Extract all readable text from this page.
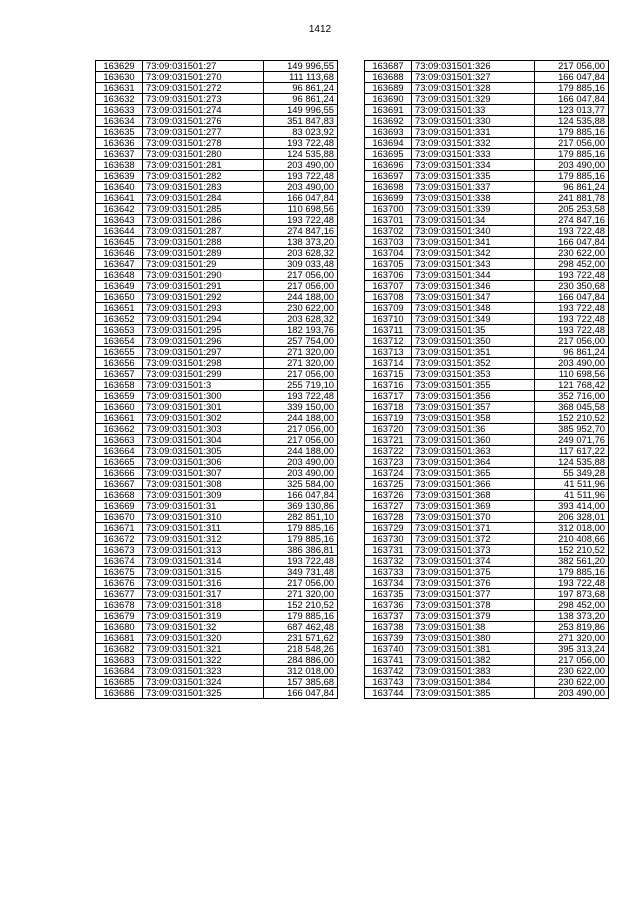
1412
163629	73:09:031501:27	149 996,55
163630	73:09:031501:270	111 113,68
163631	73:09:031501:272	96 861,24
163632	73:09:031501:273	96 861,24
163633	73:09:031501:274	149 996,55
163634	73:09:031501:276	351 847,83
163635	73:09:031501:277	83 023,92
163636	73:09:031501:278	193 722,48
163637	73:09:031501:280	124 535,88
163638	73:09:031501:281	203 490,00
163639	73:09:031501:282	193 722,48
163640	73:09:031501:283	203 490,00
163641	73:09:031501:284	166 047,84
163642	73:09:031501:285	110 698,56
163643	73:09:031501:286	193 722,48
163644	73:09:031501:287	274 847,16
163645	73:09:031501:288	138 373,20
163646	73:09:031501:289	203 628,32
163647	73:09:031501:29	309 033,48
163648	73:09:031501:290	217 056,00
163649	73:09:031501:291	217 056,00
163650	73:09:031501:292	244 188,00
163651	73:09:031501:293	230 622,00
163652	73:09:031501:294	203 628,32
163653	73:09:031501:295	182 193,76
163654	73:09:031501:296	257 754,00
163655	73:09:031501:297	271 320,00
163656	73:09:031501:298	271 320,00
163657	73:09:031501:299	217 056,00
163658	73:09:031501:3	255 719,10
163659	73:09:031501:300	193 722,48
163660	73:09:031501:301	339 150,00
163661	73:09:031501:302	244 188,00
163662	73:09:031501:303	217 056,00
163663	73:09:031501:304	217 056,00
163664	73:09:031501:305	244 188,00
163665	73:09:031501:306	203 490,00
163666	73:09:031501:307	203 490,00
163667	73:09:031501:308	325 584,00
163668	73:09:031501:309	166 047,84
163669	73:09:031501:31	369 130,86
163670	73:09:031501:310	282 851,10
163671	73:09:031501:311	179 885,16
163672	73:09:031501:312	179 885,16
163673	73:09:031501:313	386 386,81
163674	73:09:031501:314	193 722,48
163675	73:09:031501:315	349 731,48
163676	73:09:031501:316	217 056,00
163677	73:09:031501:317	271 320,00
163678	73:09:031501:318	152 210,52
163679	73:09:031501:319	179 885,16
163680	73:09:031501:32	687 462,48
163681	73:09:031501:320	231 571,62
163682	73:09:031501:321	218 548,26
163683	73:09:031501:322	284 886,00
163684	73:09:031501:323	312 018,00
163685	73:09:031501:324	157 385,68
163686	73:09:031501:325	166 047,84
163687	73:09:031501:326	217 056,00
163688	73:09:031501:327	166 047,84
163689	73:09:031501:328	179 885,16
163690	73:09:031501:329	166 047,84
163691	73:09:031501:33	123 013,77
163692	73:09:031501:330	124 535,88
163693	73:09:031501:331	179 885,16
163694	73:09:031501:332	217 056,00
163695	73:09:031501:333	179 885,16
163696	73:09:031501:334	203 490,00
163697	73:09:031501:335	179 885,16
163698	73:09:031501:337	96 861,24
163699	73:09:031501:338	241 881,78
163700	73:09:031501:339	205 253,58
163701	73:09:031501:34	274 847,16
163702	73:09:031501:340	193 722,48
163703	73:09:031501:341	166 047,84
163704	73:09:031501:342	230 622,00
163705	73:09:031501:343	298 452,00
163706	73:09:031501:344	193 722,48
163707	73:09:031501:346	230 350,68
163708	73:09:031501:347	166 047,84
163709	73:09:031501:348	193 722,48
163710	73:09:031501:349	193 722,48
163711	73:09:031501:35	193 722,48
163712	73:09:031501:350	217 056,00
163713	73:09:031501:351	96 861,24
163714	73:09:031501:352	203 490,00
163715	73:09:031501:353	110 698,56
163716	73:09:031501:355	121 768,42
163717	73:09:031501:356	352 716,00
163718	73:09:031501:357	368 045,58
163719	73:09:031501:358	152 210,52
163720	73:09:031501:36	385 952,70
163721	73:09:031501:360	249 071,76
163722	73:09:031501:363	117 617,22
163723	73:09:031501:364	124 535,88
163724	73:09:031501:365	55 349,28
163725	73:09:031501:366	41 511,96
163726	73:09:031501:368	41 511,96
163727	73:09:031501:369	393 414,00
163728	73:09:031501:370	206 328,01
163729	73:09:031501:371	312 018,00
163730	73:09:031501:372	210 408,66
163731	73:09:031501:373	152 210,52
163732	73:09:031501:374	382 561,20
163733	73:09:031501:375	179 885,16
163734	73:09:031501:376	193 722,48
163735	73:09:031501:377	197 873,68
163736	73:09:031501:378	298 452,00
163737	73:09:031501:379	138 373,20
163738	73:09:031501:38	253 819,86
163739	73:09:031501:380	271 320,00
163740	73:09:031501:381	395 313,24
163741	73:09:031501:382	217 056,00
163742	73:09:031501:383	230 622,00
163743	73:09:031501:384	230 622,00
163744	73:09:031501:385	203 490,00
